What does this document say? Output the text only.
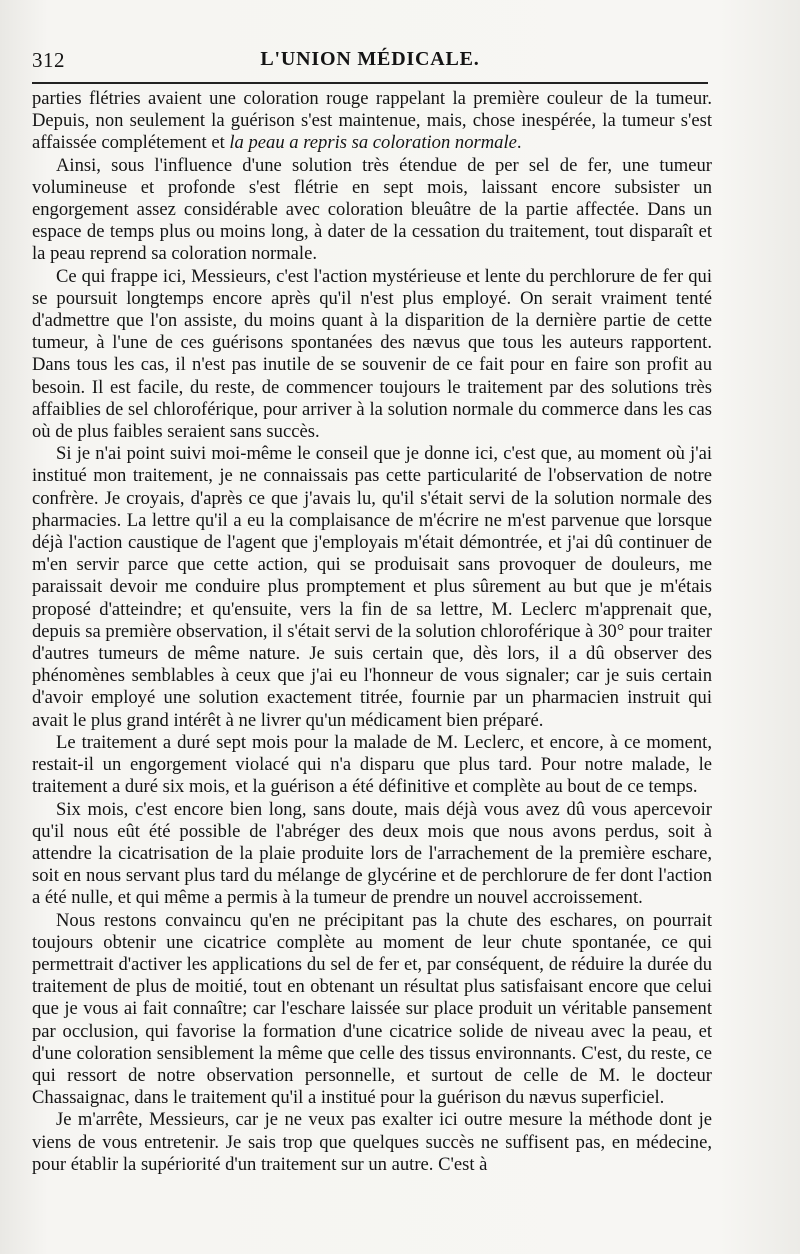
312	L'UNION MÉDICALE.

parties flétries avaient une coloration rouge rappelant la première couleur de la tumeur. Depuis, non seulement la guérison s'est maintenue, mais, chose inespérée, la tumeur s'est affaissée complétement et la peau a repris sa coloration normale.

Ainsi, sous l'influence d'une solution très étendue de per sel de fer, une tumeur volumineuse et profonde s'est flétrie en sept mois, laissant encore subsister un engorgement assez considérable avec coloration bleuâtre de la partie affectée. Dans un espace de temps plus ou moins long, à dater de la cessation du traitement, tout disparaît et la peau reprend sa coloration normale.

Ce qui frappe ici, Messieurs, c'est l'action mystérieuse et lente du perchlorure de fer qui se poursuit longtemps encore après qu'il n'est plus employé. On serait vraiment tenté d'admettre que l'on assiste, du moins quant à la disparition de la dernière partie de cette tumeur, à l'une de ces guérisons spontanées des nævus que tous les auteurs rapportent. Dans tous les cas, il n'est pas inutile de se souvenir de ce fait pour en faire son profit au besoin. Il est facile, du reste, de commencer toujours le traitement par des solutions très affaiblies de sel chloroférique, pour arriver à la solution normale du commerce dans les cas où de plus faibles seraient sans succès.

Si je n'ai point suivi moi-même le conseil que je donne ici, c'est que, au moment où j'ai institué mon traitement, je ne connaissais pas cette particularité de l'observation de notre confrère. Je croyais, d'après ce que j'avais lu, qu'il s'était servi de la solution normale des pharmacies. La lettre qu'il a eu la complaisance de m'écrire ne m'est parvenue que lorsque déjà l'action caustique de l'agent que j'employais m'était démontrée, et j'ai dû continuer de m'en servir parce que cette action, qui se produisait sans provoquer de douleurs, me paraissait devoir me conduire plus promptement et plus sûrement au but que je m'étais proposé d'atteindre; et qu'ensuite, vers la fin de sa lettre, M. Leclerc m'apprenait que, depuis sa première observation, il s'était servi de la solution chloroférique à 30° pour traiter d'autres tumeurs de même nature. Je suis certain que, dès lors, il a dû observer des phénomènes semblables à ceux que j'ai eu l'honneur de vous signaler; car je suis certain d'avoir employé une solution exactement titrée, fournie par un pharmacien instruit qui avait le plus grand intérêt à ne livrer qu'un médicament bien préparé.

Le traitement a duré sept mois pour la malade de M. Leclerc, et encore, à ce moment, restait-il un engorgement violacé qui n'a disparu que plus tard. Pour notre malade, le traitement a duré six mois, et la guérison a été définitive et complète au bout de ce temps.

Six mois, c'est encore bien long, sans doute, mais déjà vous avez dû vous apercevoir qu'il nous eût été possible de l'abréger des deux mois que nous avons perdus, soit à attendre la cicatrisation de la plaie produite lors de l'arrachement de la première eschare, soit en nous servant plus tard du mélange de glycérine et de perchlorure de fer dont l'action a été nulle, et qui même a permis à la tumeur de prendre un nouvel accroissement.

Nous restons convaincu qu'en ne précipitant pas la chute des eschares, on pourrait toujours obtenir une cicatrice complète au moment de leur chute spontanée, ce qui permettrait d'activer les applications du sel de fer et, par conséquent, de réduire la durée du traitement de plus de moitié, tout en obtenant un résultat plus satisfaisant encore que celui que je vous ai fait connaître; car l'eschare laissée sur place produit un véritable pansement par occlusion, qui favorise la formation d'une cicatrice solide de niveau avec la peau, et d'une coloration sensiblement la même que celle des tissus environnants. C'est, du reste, ce qui ressort de notre observation personnelle, et surtout de celle de M. le docteur Chassaignac, dans le traitement qu'il a institué pour la guérison du nævus superficiel.

Je m'arrête, Messieurs, car je ne veux pas exalter ici outre mesure la méthode dont je viens de vous entretenir. Je sais trop que quelques succès ne suffisent pas, en médecine, pour établir la supériorité d'un traitement sur un autre. C'est à
